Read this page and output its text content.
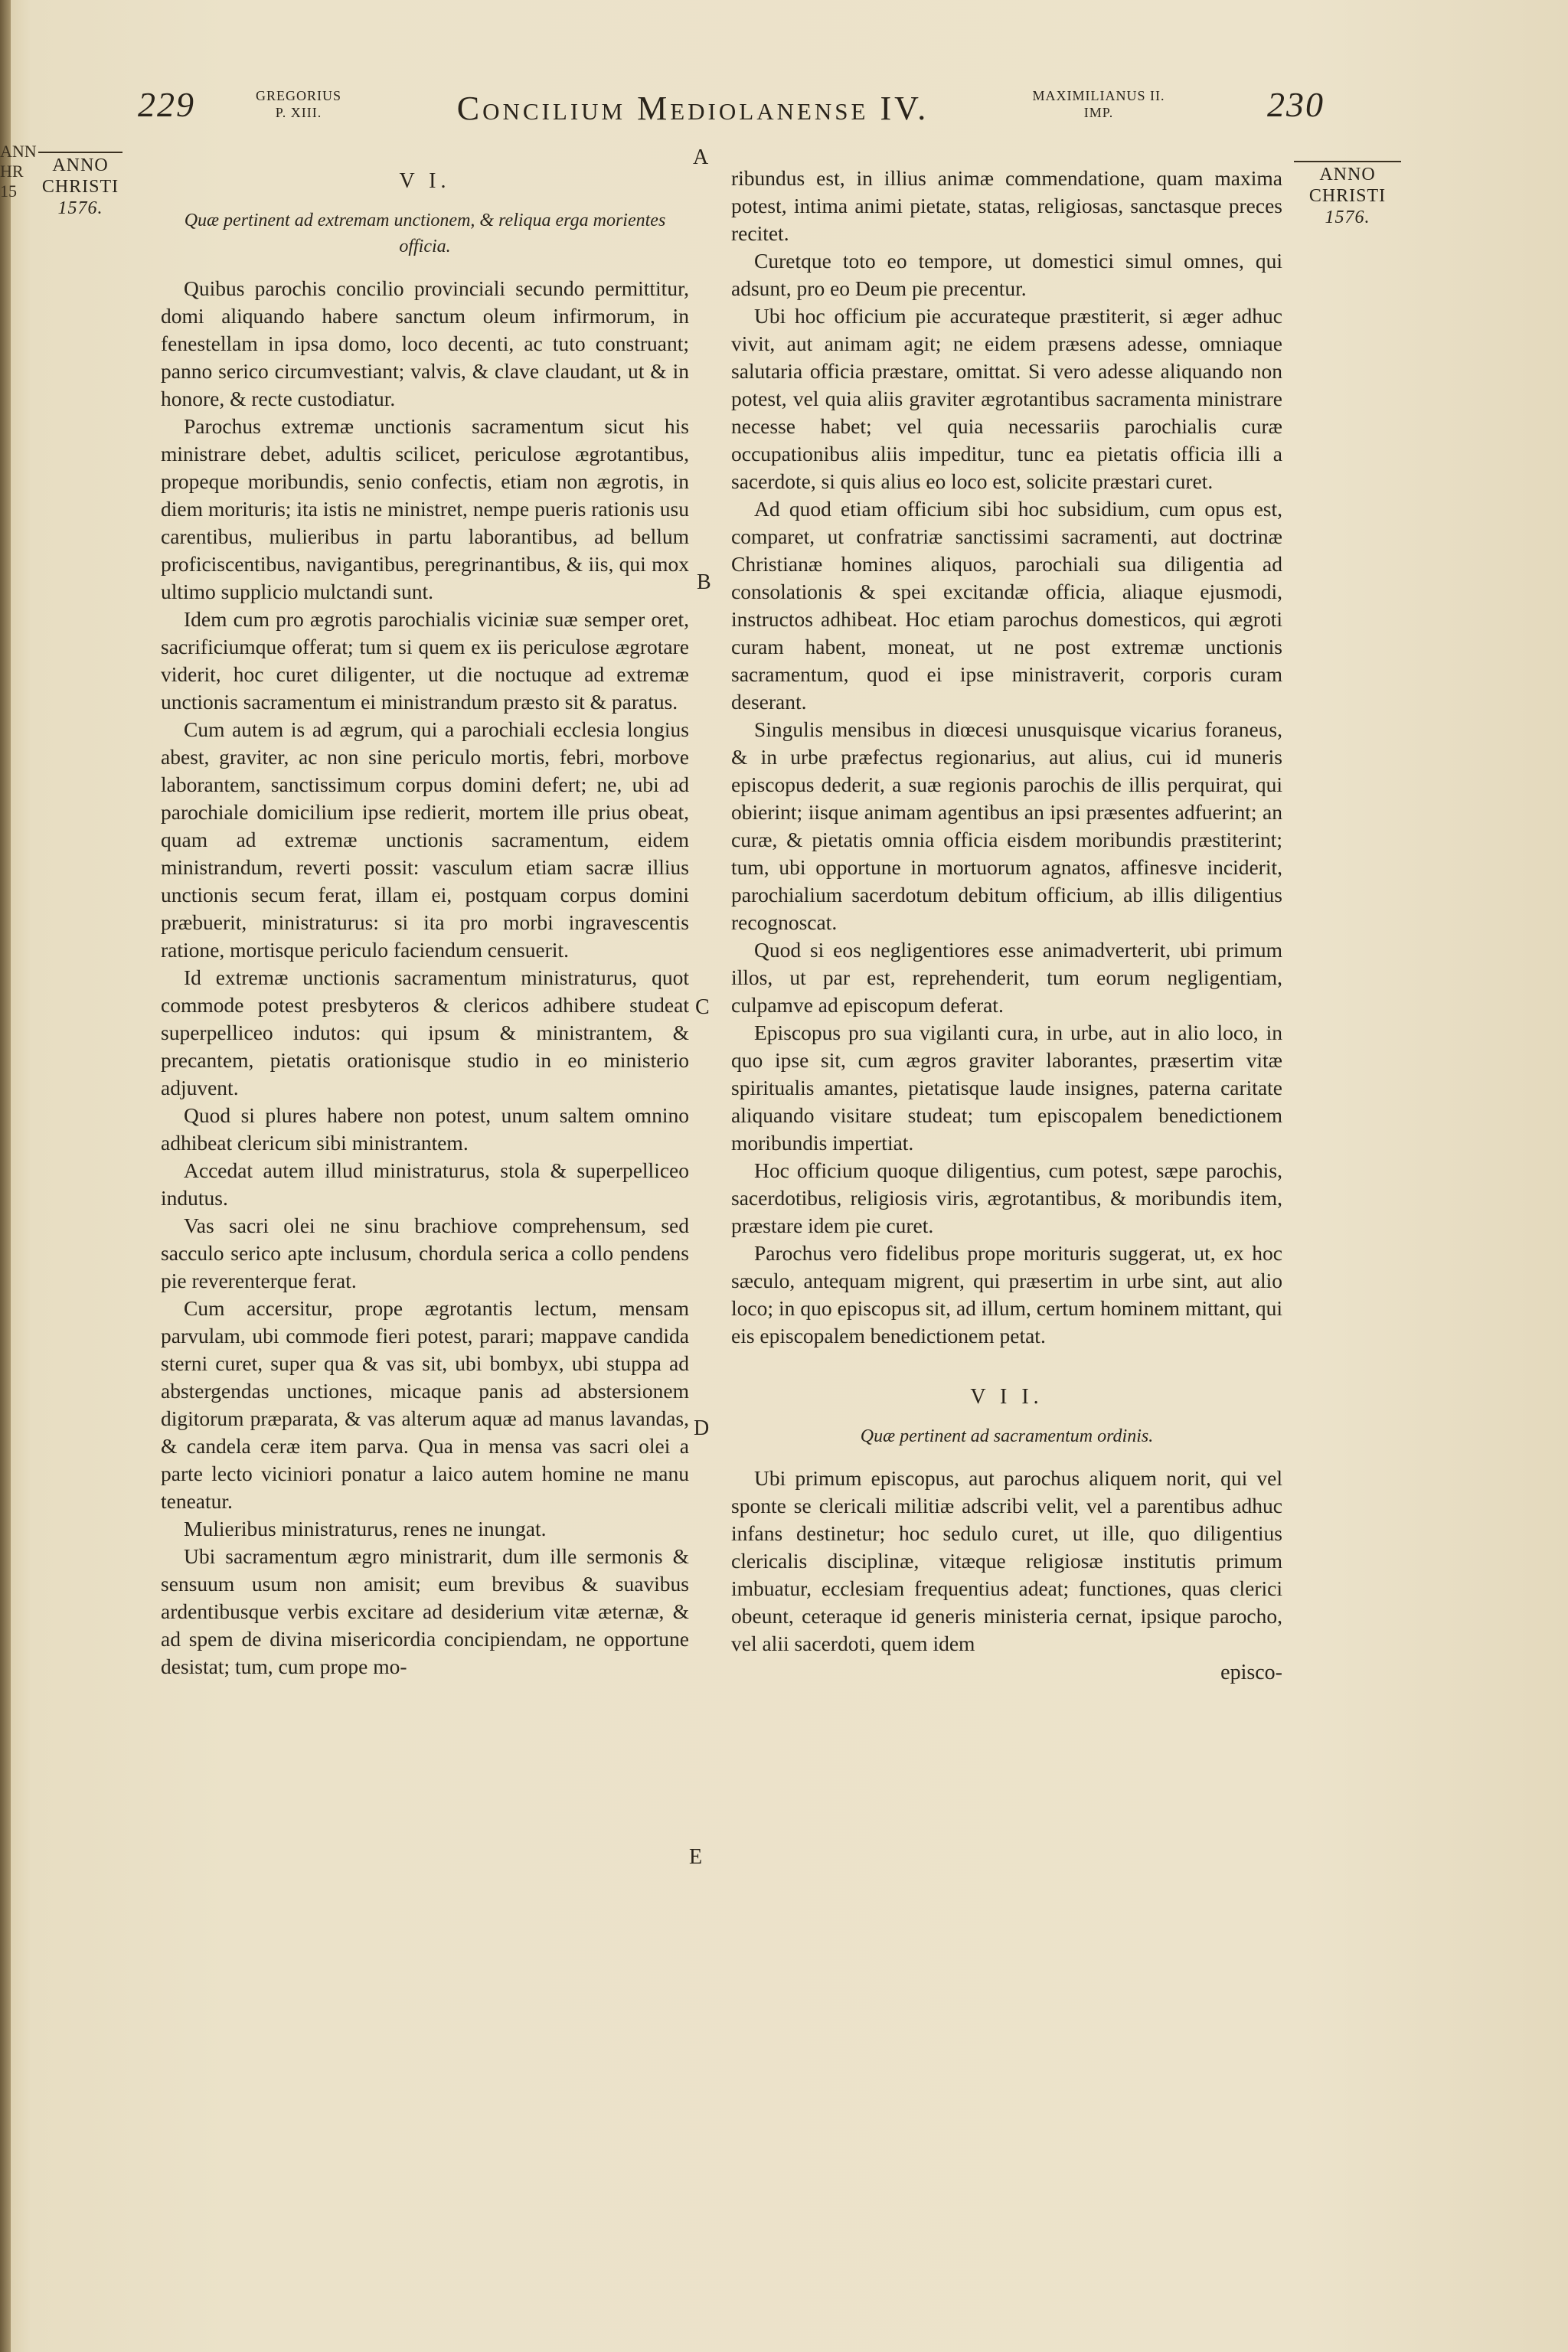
ANN
HR
15
229	GREGORIUS
P. XIII.	Concilium Mediolanense IV.	MAXIMILIANUS II.
IMP.	230
ANNO
CHRISTI
1576.
ANNO
CHRISTI
1576.
A
B
C
D
E
V I.
Quæ pertinent ad extremam unctionem, & reliqua erga morientes officia.

Quibus parochis concilio provinciali secundo permittitur, domi aliquando habere sanctum oleum infirmorum, in fenestellam in ipsa domo, loco decenti, ac tuto construant; panno serico circumvestiant; valvis, & clave claudant, ut & in honore, & recte custodiatur.

Parochus extremæ unctionis sacramentum sicut his ministrare debet, adultis scilicet, periculose ægrotantibus, propeque moribundis, senio confectis, etiam non ægrotis, in diem morituris; ita istis ne ministret, nempe pueris rationis usu carentibus, mulieribus in partu laborantibus, ad bellum proficiscentibus, navigantibus, peregrinantibus, & iis, qui mox ultimo supplicio mulctandi sunt.

Idem cum pro ægrotis parochialis viciniæ suæ semper oret, sacrificiumque offerat; tum si quem ex iis periculose ægrotare viderit, hoc curet diligenter, ut die noctuque ad extremæ unctionis sacramentum ei ministrandum præsto sit & paratus.

Cum autem is ad ægrum, qui a parochiali ecclesia longius abest, graviter, ac non sine periculo mortis, febri, morbove laborantem, sanctissimum corpus domini defert; ne, ubi ad parochiale domicilium ipse redierit, mortem ille prius obeat, quam ad extremæ unctionis sacramentum, eidem ministrandum, reverti possit: vasculum etiam sacræ illius unctionis secum ferat, illam ei, postquam corpus domini præbuerit, ministraturus: si ita pro morbi ingravescentis ratione, mortisque periculo faciendum censuerit.

Id extremæ unctionis sacramentum ministraturus, quot commode potest presbyteros & clericos adhibere studeat superpelliceo indutos: qui ipsum & ministrantem, & precantem, pietatis orationisque studio in eo ministerio adjuvent.

Quod si plures habere non potest, unum saltem omnino adhibeat clericum sibi ministrantem.

Accedat autem illud ministraturus, stola & superpelliceo indutus.

Vas sacri olei ne sinu brachiove comprehensum, sed sacculo serico apte inclusum, chordula serica a collo pendens pie reverenterque ferat.

Cum accersitur, prope ægrotantis lectum, mensam parvulam, ubi commode fieri potest, parari; mappave candida sterni curet, super qua & vas sit, ubi bombyx, ubi stuppa ad abstergendas unctiones, micaque panis ad abstersionem digitorum præparata, & vas alterum aquæ ad manus lavandas, & candela ceræ item parva. Qua in mensa vas sacri olei a parte lecto viciniori ponatur a laico autem homine ne manu teneatur.

Mulieribus ministraturus, renes ne inungat.

Ubi sacramentum ægro ministrarit, dum ille sermonis & sensuum usum non amisit; eum brevibus & suavibus ardentibusque verbis excitare ad desiderium vitæ æternæ, & ad spem de divina misericordia concipiendam, ne opportune desistat; tum, cum prope mo-

ribundus est, in illius animæ commendatione, quam maxima potest, intima animi pietate, statas, religiosas, sanctasque preces recitet.

Curetque toto eo tempore, ut domestici simul omnes, qui adsunt, pro eo Deum pie precentur.

Ubi hoc officium pie accurateque præstiterit, si æger adhuc vivit, aut animam agit; ne eidem præsens adesse, omniaque salutaria officia præstare, omittat. Si vero adesse aliquando non potest, vel quia aliis graviter ægrotantibus sacramenta ministrare necesse habet; vel quia necessariis parochialis curæ occupationibus aliis impeditur, tunc ea pietatis officia illi a sacerdote, si quis alius eo loco est, solicite præstari curet.

Ad quod etiam officium sibi hoc subsidium, cum opus est, comparet, ut confratriæ sanctissimi sacramenti, aut doctrinæ Christianæ homines aliquos, parochiali sua diligentia ad consolationis & spei excitandæ officia, aliaque ejusmodi, instructos adhibeat. Hoc etiam parochus domesticos, qui ægroti curam habent, moneat, ut ne post extremæ unctionis sacramentum, quod ei ipse ministraverit, corporis curam deserant.

Singulis mensibus in diœcesi unusquisque vicarius foraneus, & in urbe præfectus regionarius, aut alius, cui id muneris episcopus dederit, a suæ regionis parochis de illis perquirat, qui obierint; iisque animam agentibus an ipsi præsentes adfuerint; an curæ, & pietatis omnia officia eisdem moribundis præstiterint; tum, ubi opportune in mortuorum agnatos, affinesve inciderit, parochialium sacerdotum debitum officium, ab illis diligentius recognoscat.

Quod si eos negligentiores esse animadverterit, ubi primum illos, ut par est, reprehenderit, tum eorum negligentiam, culpamve ad episcopum deferat.

Episcopus pro sua vigilanti cura, in urbe, aut in alio loco, in quo ipse sit, cum ægros graviter laborantes, præsertim vitæ spiritualis amantes, pietatisque laude insignes, paterna caritate aliquando visitare studeat; tum episcopalem benedictionem moribundis impertiat.

Hoc officium quoque diligentius, cum potest, sæpe parochis, sacerdotibus, religiosis viris, ægrotantibus, & moribundis item, præstare idem pie curet.

Parochus vero fidelibus prope morituris suggerat, ut, ex hoc sæculo, antequam migrent, qui præsertim in urbe sint, aut alio loco; in quo episcopus sit, ad illum, certum hominem mittant, qui eis episcopalem benedictionem petat.

V I I.
Quæ pertinent ad sacramentum ordinis.

Ubi primum episcopus, aut parochus aliquem norit, qui vel sponte se clericali militiæ adscribi velit, vel a parentibus adhuc infans destinetur; hoc sedulo curet, ut ille, quo diligentius clericalis disciplinæ, vitæque religiosæ institutis primum imbuatur, ecclesiam frequentius adeat; functiones, quas clerici obeunt, ceteraque id generis ministeria cernat, ipsique parocho, vel alii sacerdoti, quem idem

episco-
